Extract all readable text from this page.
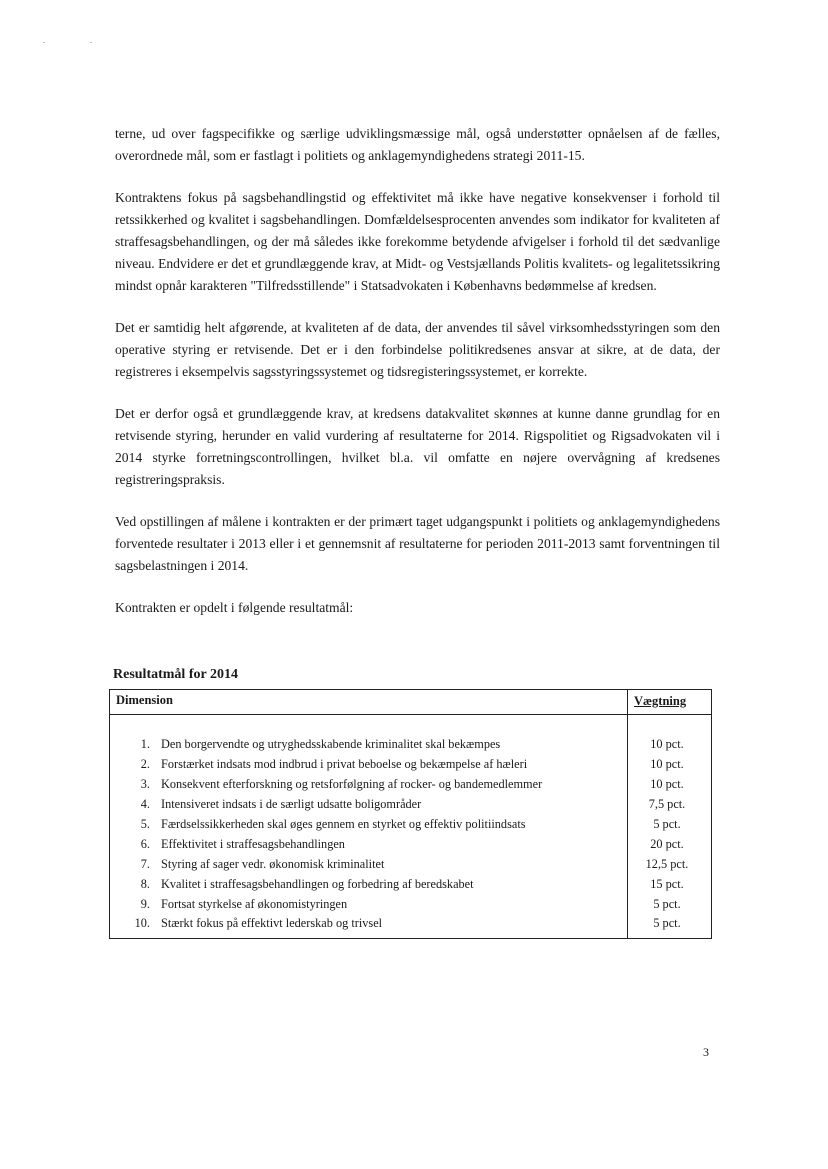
terne, ud over fagspecifikke og særlige udviklingsmæssige mål, også understøtter opnåelsen af de fælles, overordnede mål, som er fastlagt i politiets og anklagemyndighedens strategi 2011-15.

Kontraktens fokus på sagsbehandlingstid og effektivitet må ikke have negative konsekvenser i forhold til retssikkerhed og kvalitet i sagsbehandlingen. Domfældelsesprocenten anvendes som indikator for kvaliteten af straffesagsbehandlingen, og der må således ikke forekomme betydende afvigelser i forhold til det sædvanlige niveau. Endvidere er det et grundlæggende krav, at Midt- og Vestsjællands Politis kvalitets- og legalitetssikring mindst opnår karakteren "Tilfredsstillende" i Statsadvokaten i Københavns bedømmelse af kredsen.

Det er samtidig helt afgørende, at kvaliteten af de data, der anvendes til såvel virksomhedsstyringen som den operative styring er retvisende. Det er i den forbindelse politikredsenes ansvar at sikre, at de data, der registreres i eksempelvis sagsstyringssystemet og tidsregisteringssystemet, er korrekte.

Det er derfor også et grundlæggende krav, at kredsens datakvalitet skønnes at kunne danne grundlag for en retvisende styring, herunder en valid vurdering af resultaterne for 2014. Rigspolitiet og Rigsadvokaten vil i 2014 styrke forretningscontrollingen, hvilket bl.a. vil omfatte en nøjere overvågning af kredsenes registreringspraksis.

Ved opstillingen af målene i kontrakten er der primært taget udgangspunkt i politiets og anklagemyndighedens forventede resultater i 2013 eller i et gennemsnit af resultaterne for perioden 2011-2013 samt forventningen til sagsbelastningen i 2014.

Kontrakten er opdelt i følgende resultatmål:

Resultatmål for 2014
Dimension	Vægtning
1. Den borgervendte og utryghedsskabende kriminalitet skal bekæmpes	10 pct.
2. Forstærket indsats mod indbrud i privat beboelse og bekæmpelse af hæleri	10 pct.
3. Konsekvent efterforskning og retsforfølgning af rocker- og bandemedlemmer	10 pct.
4. Intensiveret indsats i de særligt udsatte boligområder	7,5 pct.
5. Færdselssikkerheden skal øges gennem en styrket og effektiv politiindsats	5 pct.
6. Effektivitet i straffesagsbehandlingen	20 pct.
7. Styring af sager vedr. økonomisk kriminalitet	12,5 pct.
8. Kvalitet i straffesagsbehandlingen og forbedring af beredskabet	15 pct.
9. Fortsat styrkelse af økonomistyringen	5 pct.
10. Stærkt fokus på effektivt lederskab og trivsel	5 pct.
3
